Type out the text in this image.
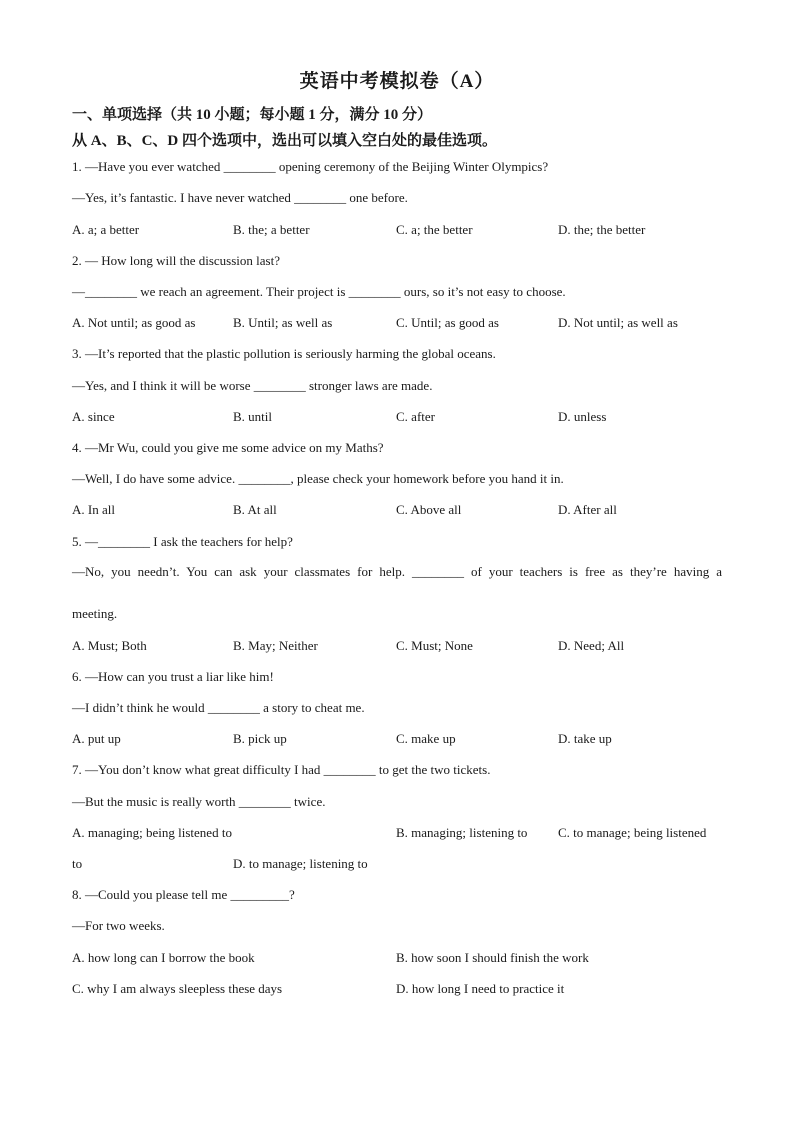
英语中考模拟卷（A）
一、单项选择（共 10 小题；每小题 1 分，满分 10 分）
从 A、B、C、D 四个选项中，选出可以填入空白处的最佳选项。
1. —Have you ever watched ________ opening ceremony of the Beijing Winter Olympics?
—Yes, it’s fantastic. I have never watched ________ one before.
A. a; a better	B. the; a better	C. a; the better	D. the; the better
2. — How long will the discussion last?
—________ we reach an agreement. Their project is ________ ours, so it’s not easy to choose.
A. Not until; as good as	B. Until; as well as	C. Until; as good as	D. Not until; as well as
3. —It’s reported that the plastic pollution is seriously harming the global oceans.
—Yes, and I think it will be worse ________ stronger laws are made.
A. since	B. until	C. after	D. unless
4. —Mr Wu, could you give me some advice on my Maths?
—Well, I do have some advice. ________, please check your homework before you hand it in.
A. In all	B. At all	C. Above all	D. After all
5. —________ I ask the teachers for help?
—No, you needn’t. You can ask your classmates for help. ________ of your teachers is free as they’re having a
meeting.
A. Must; Both	B. May; Neither	C. Must; None	D. Need; All
6. —How can you trust a liar like him!
—I didn’t think he would ________ a story to cheat me.
A. put up	B. pick up	C. make up	D. take up
7. —You don’t know what great difficulty I had ________ to get the two tickets.
—But the music is really worth ________ twice.
A. managing; being listened to	B. managing; listening to C. to manage; being listened
to	D. to manage; listening to
8. —Could you please tell me _________?
—For two weeks.
A. how long can I borrow the book	B. how soon I should finish the work
C. why I am always sleepless these days	D. how long I need to practice it
